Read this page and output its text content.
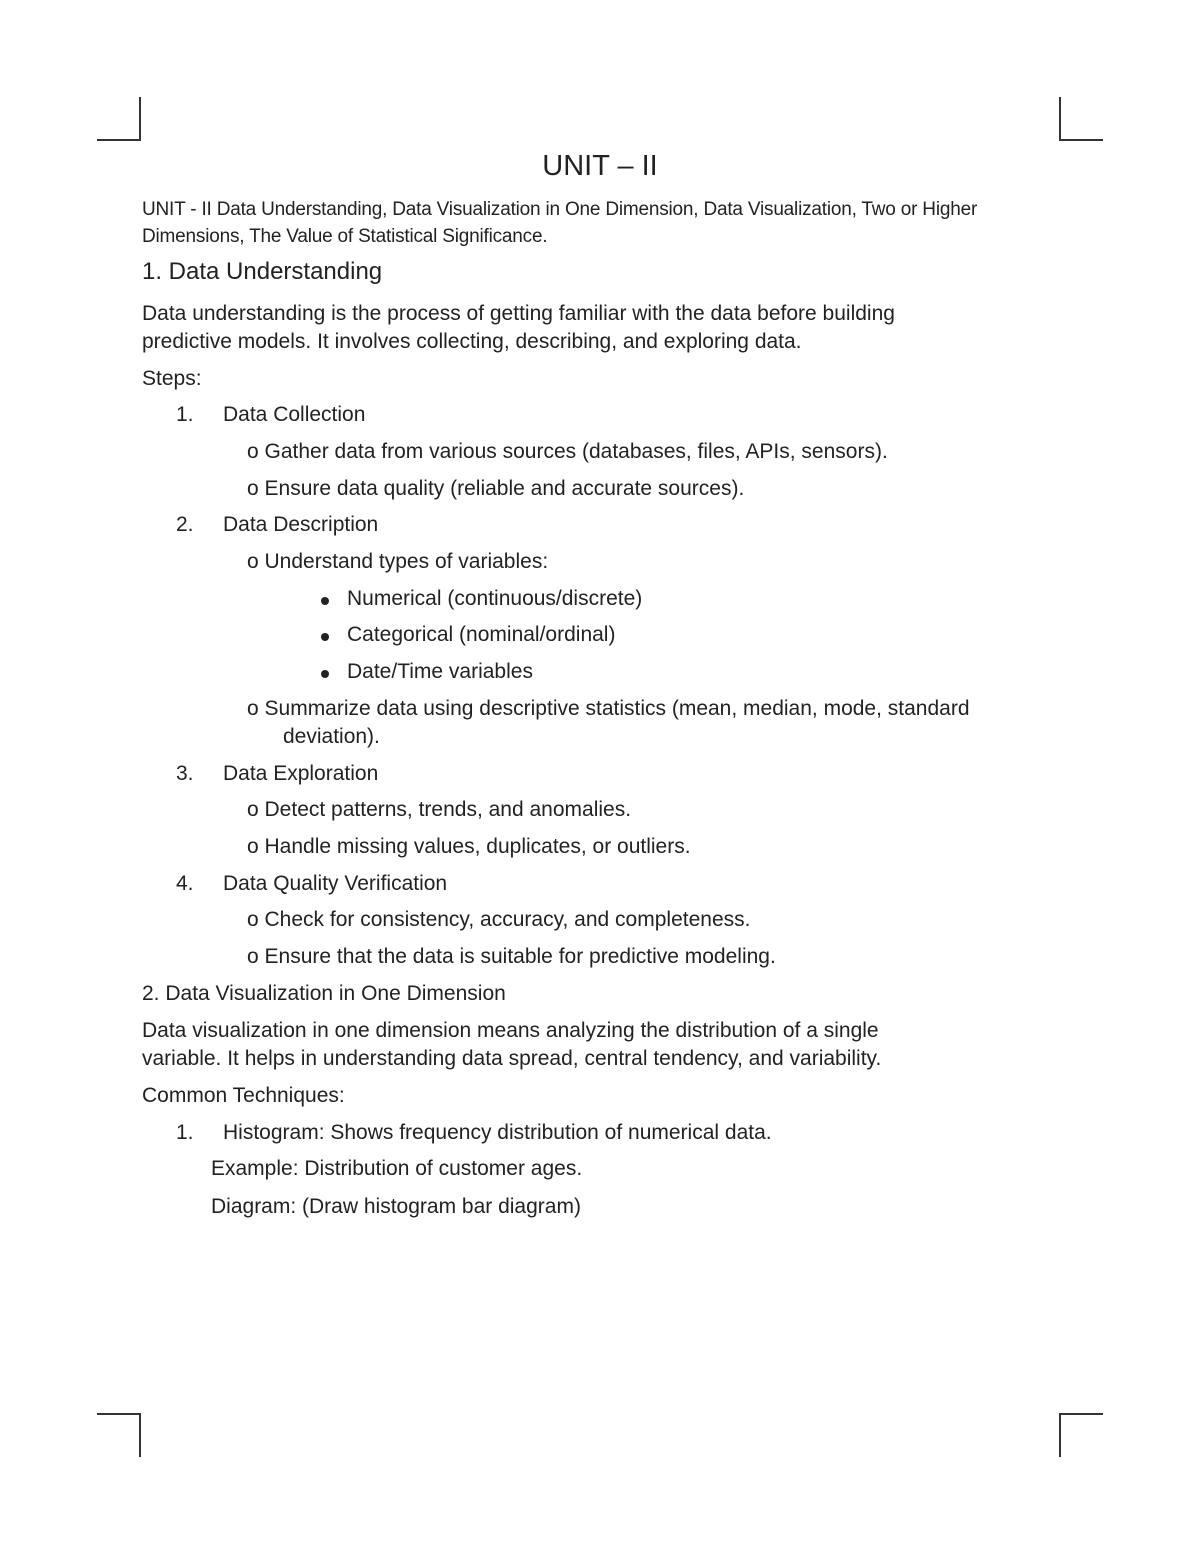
UNIT – II
UNIT - II Data Understanding, Data Visualization in One Dimension, Data Visualization, Two or Higher
Dimensions, The Value of Statistical Significance.
1. Data Understanding
Data understanding is the process of getting familiar with the data before building
predictive models. It involves collecting, describing, and exploring data.
Steps:
1. Data Collection
o Gather data from various sources (databases, files, APIs, sensors).
o Ensure data quality (reliable and accurate sources).
2. Data Description
o Understand types of variables:
Numerical (continuous/discrete)
Categorical (nominal/ordinal)
Date/Time variables
o Summarize data using descriptive statistics (mean, median, mode, standard
deviation).
3. Data Exploration
o Detect patterns, trends, and anomalies.
o Handle missing values, duplicates, or outliers.
4. Data Quality Verification
o Check for consistency, accuracy, and completeness.
o Ensure that the data is suitable for predictive modeling.
2. Data Visualization in One Dimension
Data visualization in one dimension means analyzing the distribution of a single
variable. It helps in understanding data spread, central tendency, and variability.
Common Techniques:
1. Histogram: Shows frequency distribution of numerical data.
Example: Distribution of customer ages.
Diagram: (Draw histogram bar diagram)
